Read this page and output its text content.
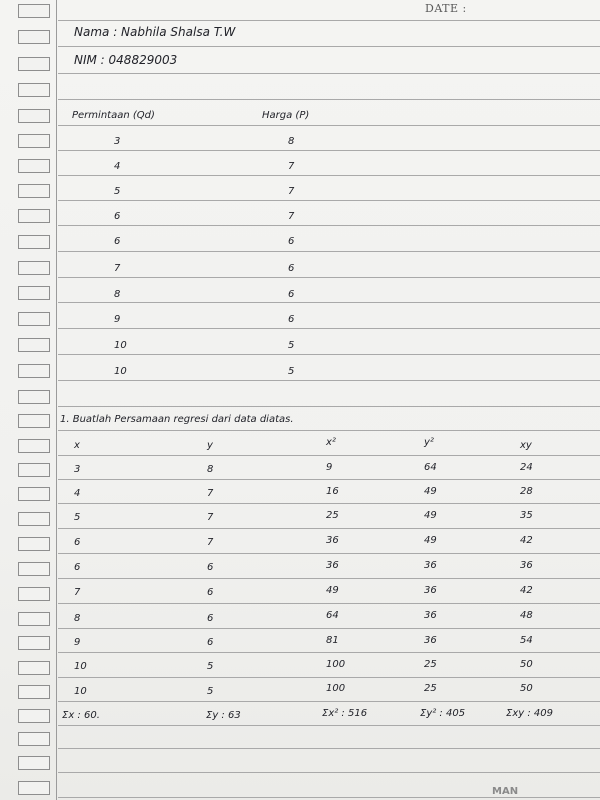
DATE :
Nama : Nabhila Shalsa T.W
NIM : 048829003
Permintaan (Qd)	Harga (P)
3	8
4	7
5	7
6	7
6	6
7	6
8	6
9	6
10	5
10	5
1. Buatlah Persamaan regresi dari data diatas.
x	y	x²	y²	xy
3	8	9	64	24
4	7	16	49	28
5	7	25	49	35
6	7	36	49	42
6	6	36	36	36
7	6	49	36	42
8	6	64	36	48
9	6	81	36	54
10	5	100	25	50
10	5	100	25	50
Σx : 60.	Σy : 63	Σx² : 516	Σy² : 405	Σxy : 409
MAN
